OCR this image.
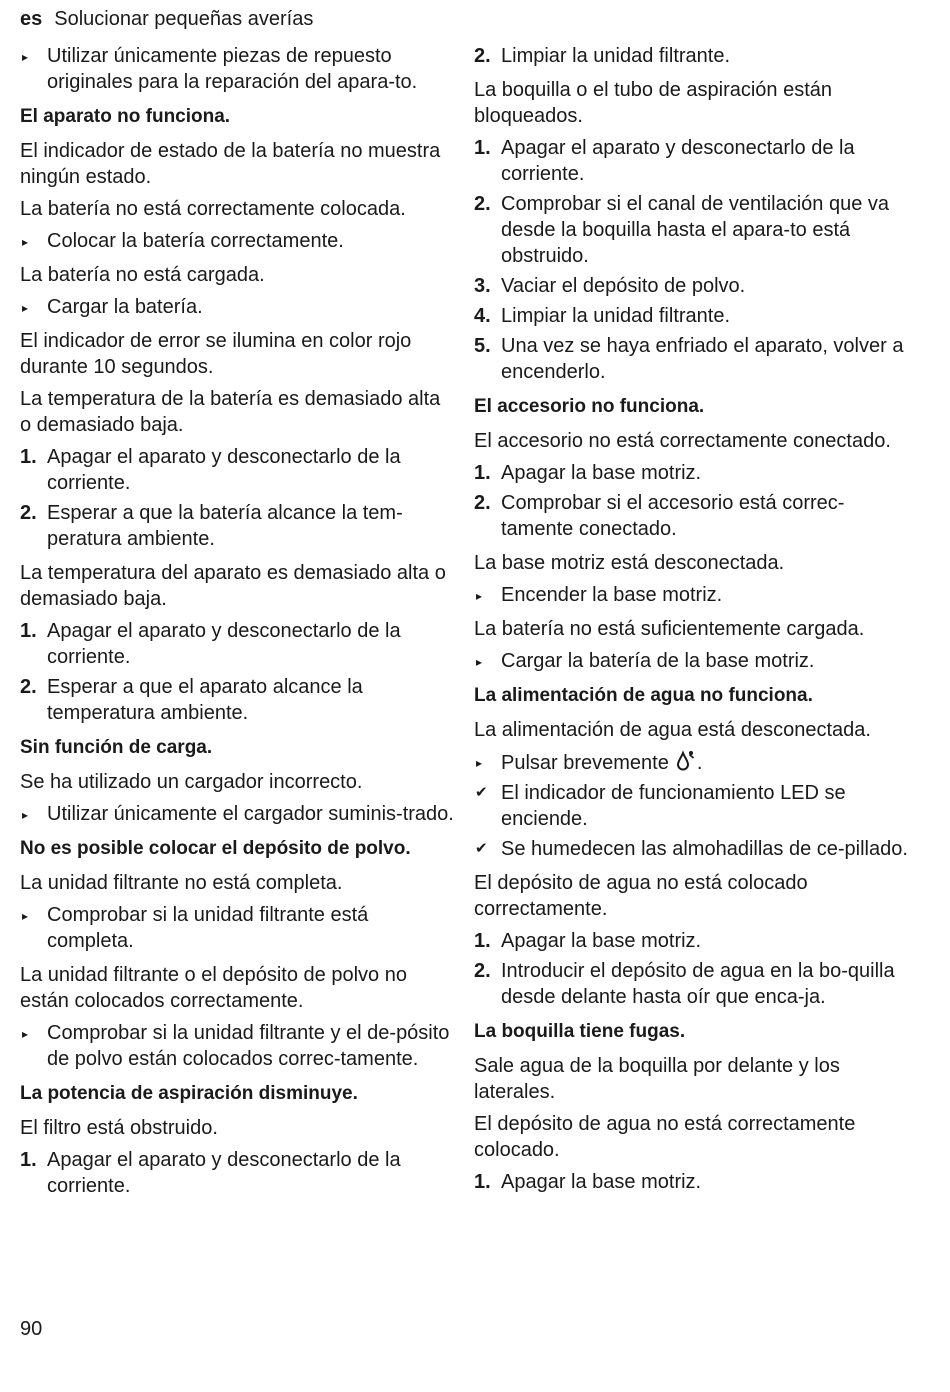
es Solucionar pequeñas averías
▸ Utilizar únicamente piezas de repuesto originales para la reparación del apara-to.
El aparato no funciona.

El indicador de estado de la batería no muestra ningún estado.

La batería no está correctamente colocada.

▸ Colocar la batería correctamente.

La batería no está cargada.

▸ Cargar la batería.

El indicador de error se ilumina en color rojo durante 10 segundos.

La temperatura de la batería es demasiado alta o demasiado baja.

1. Apagar el aparato y desconectarlo de la corriente.
2. Esperar a que la batería alcance la tem-peratura ambiente.

La temperatura del aparato es demasiado alta o demasiado baja.

1. Apagar el aparato y desconectarlo de la corriente.
2. Esperar a que el aparato alcance la temperatura ambiente.
Sin función de carga.

Se ha utilizado un cargador incorrecto.

▸ Utilizar únicamente el cargador suminis-trado.
No es posible colocar el depósito de polvo.

La unidad filtrante no está completa.

▸ Comprobar si la unidad filtrante está completa.

La unidad filtrante o el depósito de polvo no están colocados correctamente.

▸ Comprobar si la unidad filtrante y el de-pósito de polvo están colocados correc-tamente.
La potencia de aspiración disminuye.

El filtro está obstruido.

1. Apagar el aparato y desconectarlo de la corriente.
2. Limpiar la unidad filtrante.

La boquilla o el tubo de aspiración están bloqueados.

1. Apagar el aparato y desconectarlo de la corriente.
2. Comprobar si el canal de ventilación que va desde la boquilla hasta el apara-to está obstruido.
3. Vaciar el depósito de polvo.
4. Limpiar la unidad filtrante.
5. Una vez se haya enfriado el aparato, volver a encenderlo.
El accesorio no funciona.

El accesorio no está correctamente conectado.

1. Apagar la base motriz.
2. Comprobar si el accesorio está correc-tamente conectado.

La base motriz está desconectada.

▸ Encender la base motriz.

La batería no está suficientemente cargada.

▸ Cargar la batería de la base motriz.
La alimentación de agua no funciona.

La alimentación de agua está desconectada.

▸ Pulsar brevemente .
✔ El indicador de funcionamiento LED se enciende.
✔ Se humedecen las almohadillas de ce-pillado.

El depósito de agua no está colocado correctamente.

1. Apagar la base motriz.
2. Introducir el depósito de agua en la bo-quilla desde delante hasta oír que enca-ja.
La boquilla tiene fugas.

Sale agua de la boquilla por delante y los laterales.

El depósito de agua no está correctamente colocado.

1. Apagar la base motriz.
90
